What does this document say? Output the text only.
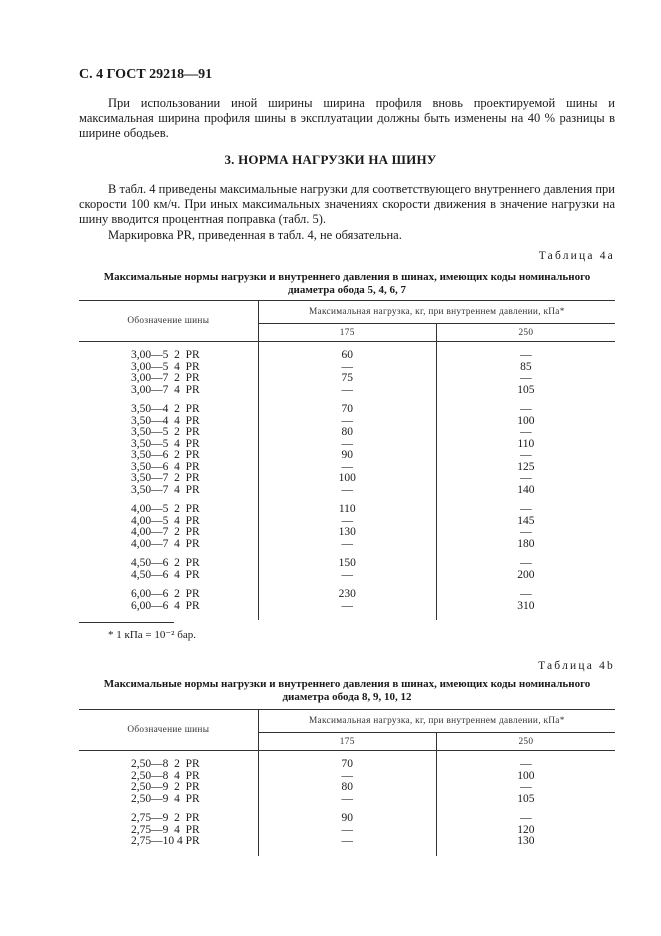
С. 4 ГОСТ 29218—91

При использовании иной ширины ширина профиля вновь проектируемой шины и максимальная ширина профиля шины в эксплуатации должны быть изменены на 40 % разницы в ширине ободьев.

3. НОРМА НАГРУЗКИ НА ШИНУ

В табл. 4 приведены максимальные нагрузки для соответствующего внутреннего давления при скорости 100 км/ч. При иных максимальных значениях скорости движения в значение нагрузки на шину вводится процентная поправка (табл. 5).

Маркировка PR, приведенная в табл. 4, не обязательна.

Таблица 4a
Максимальные нормы нагрузки и внутреннего давления в шинах, имеющих коды номинального диаметра обода 5, 4, 6, 7
Обозначение шины	Максимальная нагрузка, кг, при внутреннем давлении, кПа*	
	175	250

3,00—5  2  PR	60	—
3,00—5  4  PR	—	85
3,00—7  2  PR	75	—
3,00—7  4  PR	—	105

3,50—4  2  PR	70	—
3,50—4  4  PR	—	100
3,50—5  2  PR	80	—
3,50—5  4  PR	—	110
3,50—6  2  PR	90	—
3,50—6  4  PR	—	125
3,50—7  2  PR	100	—
3,50—7  4  PR	—	140

4,00—5  2  PR	110	—
4,00—5  4  PR	—	145
4,00—7  2  PR	130	—
4,00—7  4  PR	—	180

4,50—6  2  PR	150	—
4,50—6  4  PR	—	200

6,00—6  2  PR	230	—
6,00—6  4  PR	—	310

* 1 кПа = 10⁻² бар.
Таблица 4b
Максимальные нормы нагрузки и внутреннего давления в шинах, имеющих коды номинального диаметра обода 8, 9, 10, 12
Обозначение шины	Максимальная нагрузка, кг, при внутреннем давлении, кПа*	
	175	250

2,50—8  2  PR	70	—
2,50—8  4  PR	—	100
2,50—9  2  PR	80	—
2,50—9  4  PR	—	105

2,75—9  2  PR	90	—
2,75—9  4  PR	—	120
2,75—10 4 PR	—	130
